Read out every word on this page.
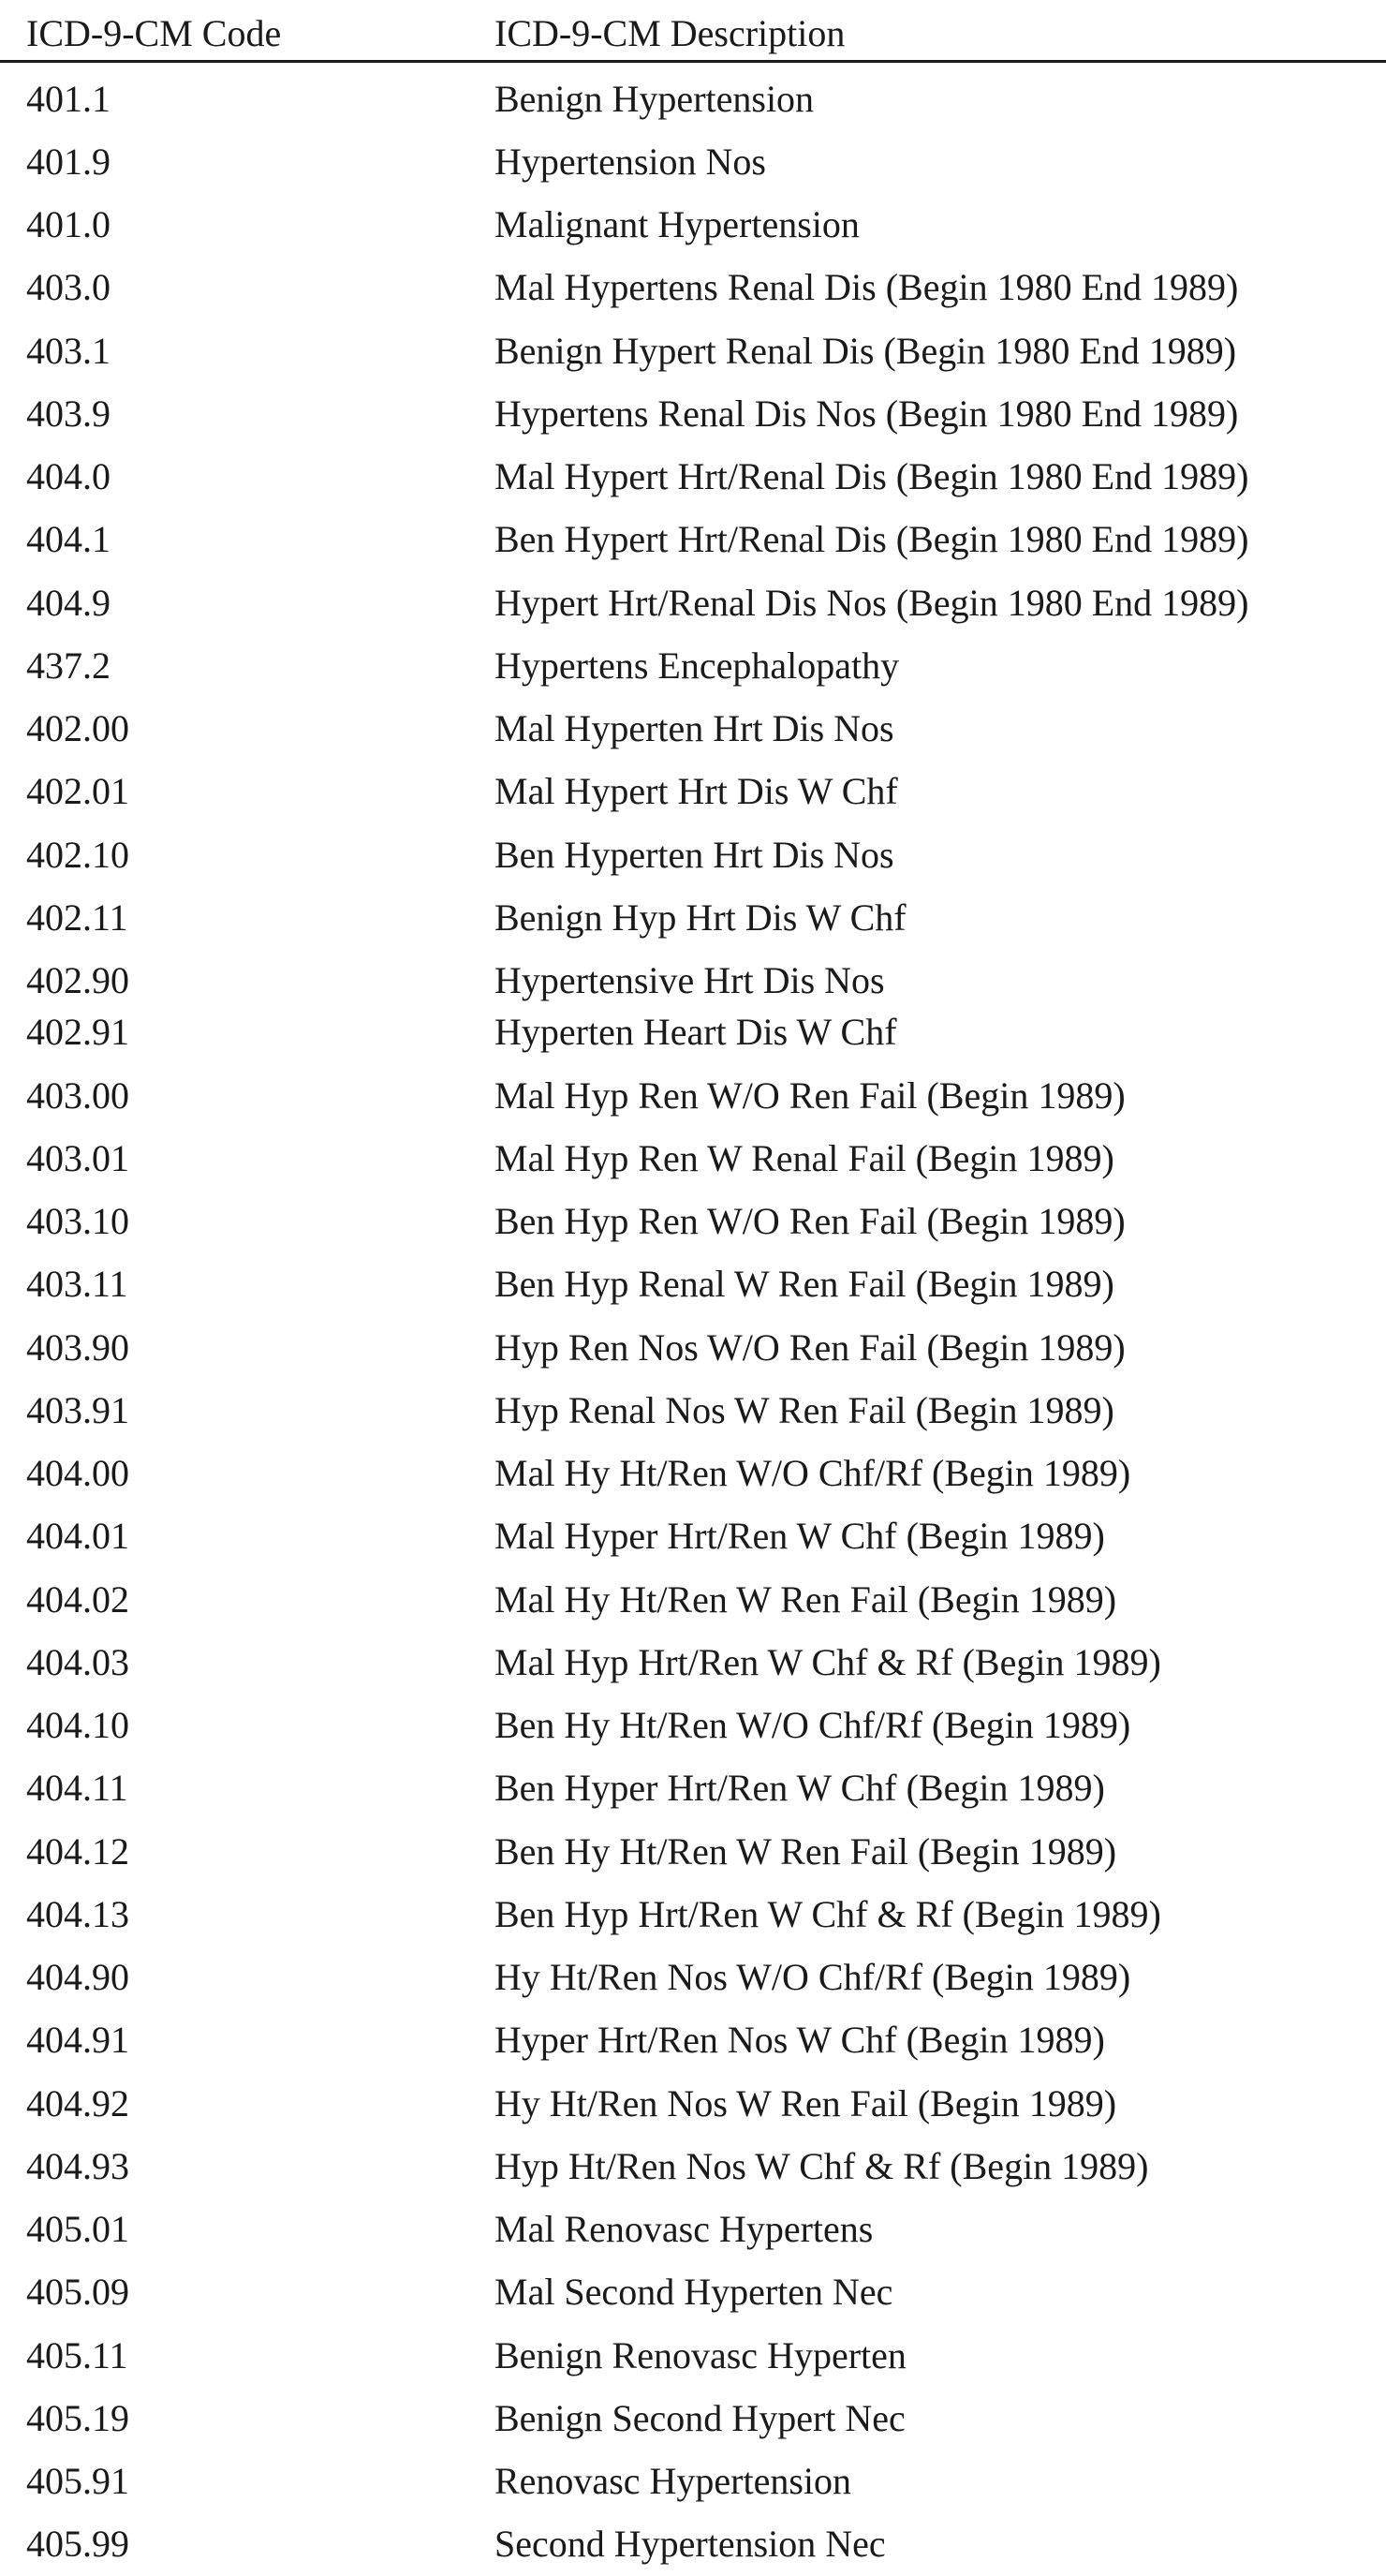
ICD-9-CM Code	ICD-9-CM Description
401.1	Benign Hypertension
401.9	Hypertension Nos
401.0	Malignant Hypertension
403.0	Mal Hypertens Renal Dis (Begin 1980 End 1989)
403.1	Benign Hypert Renal Dis (Begin 1980 End 1989)
403.9	Hypertens Renal Dis Nos (Begin 1980 End 1989)
404.0	Mal Hypert Hrt/Renal Dis (Begin 1980 End 1989)
404.1	Ben Hypert Hrt/Renal Dis (Begin 1980 End 1989)
404.9	Hypert Hrt/Renal Dis Nos (Begin 1980 End 1989)
437.2	Hypertens Encephalopathy
402.00	Mal Hyperten Hrt Dis Nos
402.01	Mal Hypert Hrt Dis W Chf
402.10	Ben Hyperten Hrt Dis Nos
402.11	Benign Hyp Hrt Dis W Chf
402.90	Hypertensive Hrt Dis Nos
402.91	Hyperten Heart Dis W Chf
403.00	Mal Hyp Ren W/O Ren Fail (Begin 1989)
403.01	Mal Hyp Ren W Renal Fail (Begin 1989)
403.10	Ben Hyp Ren W/O Ren Fail (Begin 1989)
403.11	Ben Hyp Renal W Ren Fail (Begin 1989)
403.90	Hyp Ren Nos W/O Ren Fail (Begin 1989)
403.91	Hyp Renal Nos W Ren Fail (Begin 1989)
404.00	Mal Hy Ht/Ren W/O Chf/Rf (Begin 1989)
404.01	Mal Hyper Hrt/Ren W Chf (Begin 1989)
404.02	Mal Hy Ht/Ren W Ren Fail (Begin 1989)
404.03	Mal Hyp Hrt/Ren W Chf & Rf (Begin 1989)
404.10	Ben Hy Ht/Ren W/O Chf/Rf (Begin 1989)
404.11	Ben Hyper Hrt/Ren W Chf (Begin 1989)
404.12	Ben Hy Ht/Ren W Ren Fail (Begin 1989)
404.13	Ben Hyp Hrt/Ren W Chf & Rf (Begin 1989)
404.90	Hy Ht/Ren Nos W/O Chf/Rf (Begin 1989)
404.91	Hyper Hrt/Ren Nos W Chf (Begin 1989)
404.92	Hy Ht/Ren Nos W Ren Fail (Begin 1989)
404.93	Hyp Ht/Ren Nos W Chf & Rf (Begin 1989)
405.01	Mal Renovasc Hypertens
405.09	Mal Second Hyperten Nec
405.11	Benign Renovasc Hyperten
405.19	Benign Second Hypert Nec
405.91	Renovasc Hypertension
405.99	Second Hypertension Nec
